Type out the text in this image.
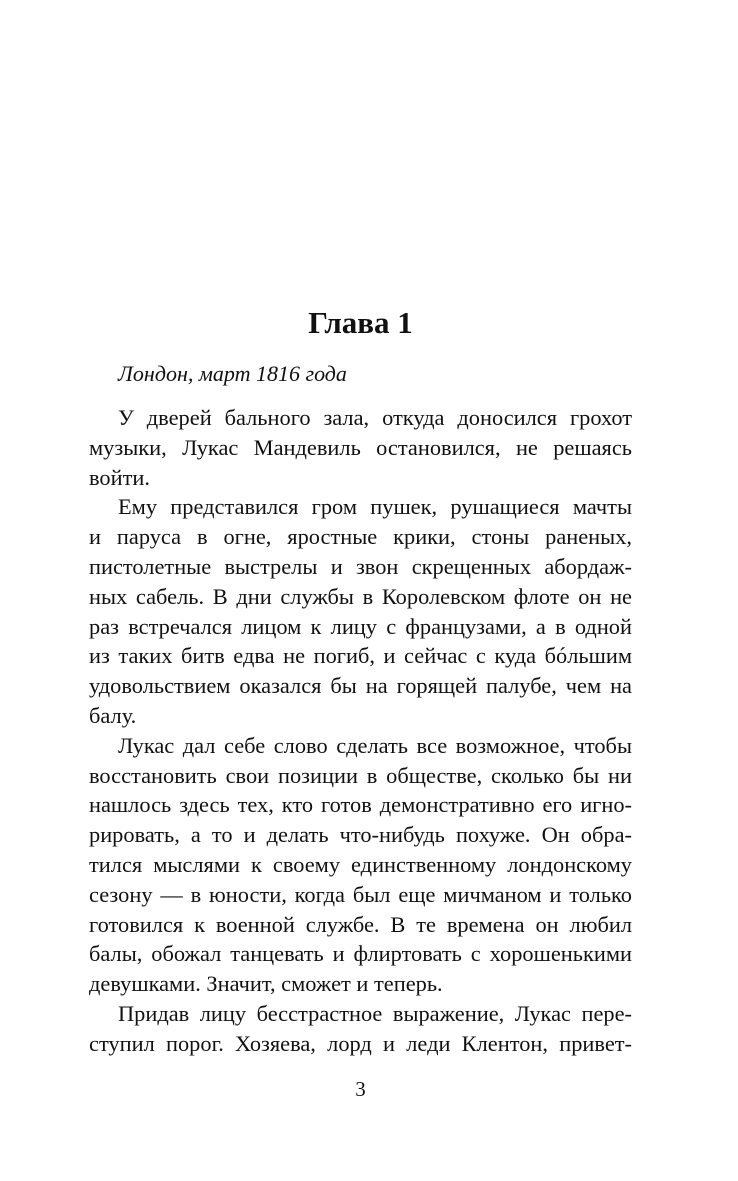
Глава 1

Лондон, март 1816 года

У дверей бального зала, откуда доносился грохот
музыки, Лукас Мандевиль остановился, не решаясь
войти.
Ему представился гром пушек, рушащиеся мачты
и паруса в огне, яростные крики, стоны раненых,
пистолетные выстрелы и звон скрещенных абордаж-
ных сабель. В дни службы в Королевском флоте он не
раз встречался лицом к лицу с французами, а в одной
из таких битв едва не погиб, и сейчас с куда бóльшим
удовольствием оказался бы на горящей палубе, чем на
балу.
Лукас дал себе слово сделать все возможное, чтобы
восстановить свои позиции в обществе, сколько бы ни
нашлось здесь тех, кто готов демонстративно его игно-
рировать, а то и делать что-нибудь похуже. Он обра-
тился мыслями к своему единственному лондонскому
сезону — в юности, когда был еще мичманом и только
готовился к военной службе. В те времена он любил
балы, обожал танцевать и флиртовать с хорошенькими
девушками. Значит, сможет и теперь.
Придав лицу бесстрастное выражение, Лукас пере-
ступил порог. Хозяева, лорд и леди Клентон, привет-
3
